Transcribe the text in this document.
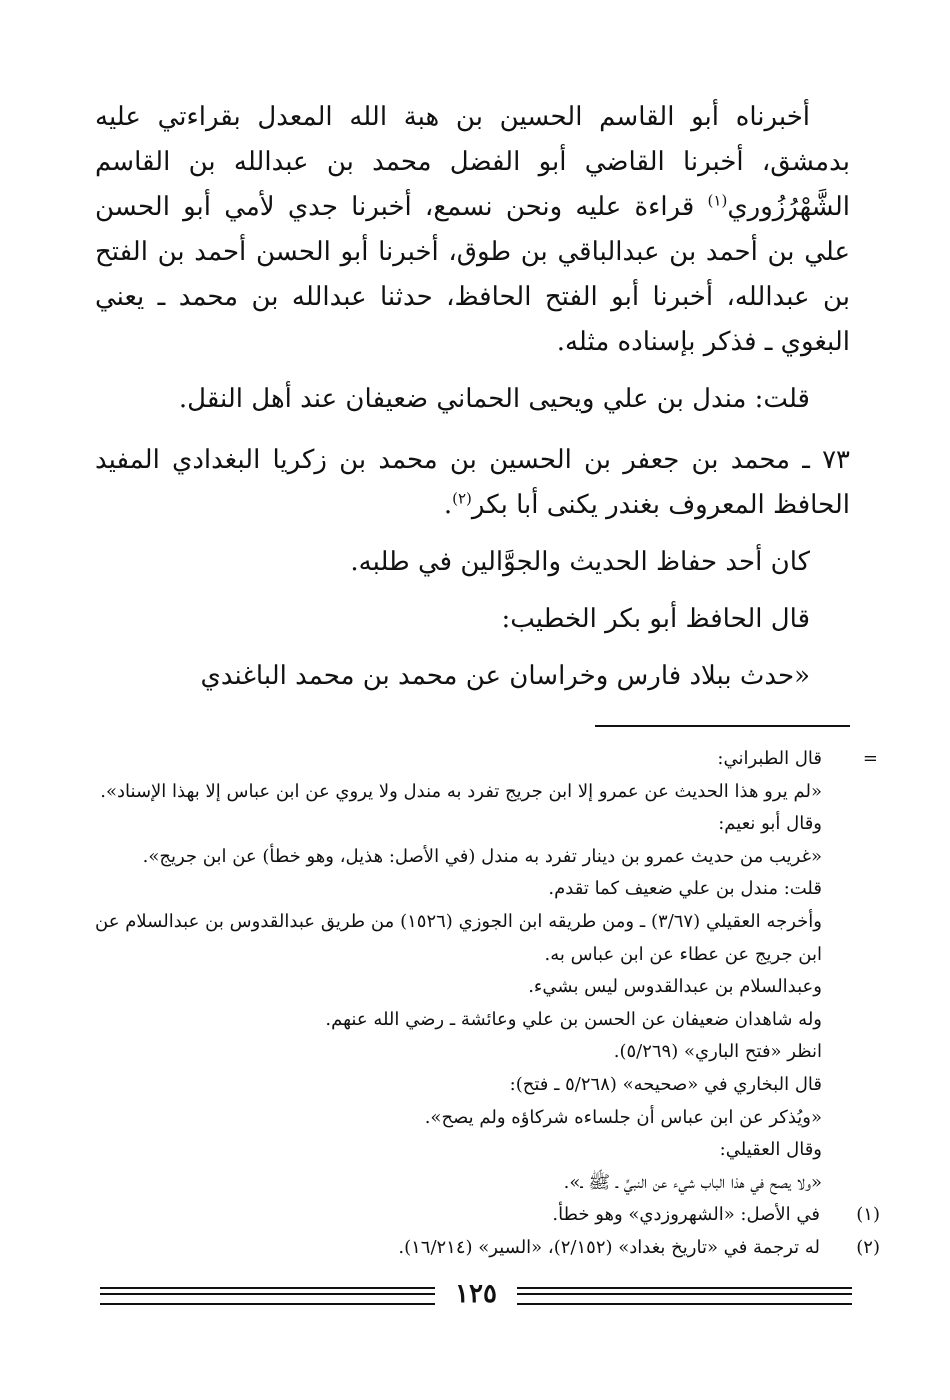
أخبرناه أبو القاسم الحسين بن هبة الله المعدل بقراءتي عليه بدمشق، أخبرنا القاضي أبو الفضل محمد بن عبدالله بن القاسم الشَّهْرُزُوري$^{(١)}$ قراءة عليه ونحن نسمع، أخبرنا جدي لأمي أبو الحسن علي بن أحمد بن عبدالباقي بن طوق، أخبرنا أبو الحسن أحمد بن الفتح بن عبدالله، أخبرنا أبو الفتح الحافظ، حدثنا عبدالله بن محمد ـ يعني البغوي ـ فذكر بإسناده مثله.

قلت: مندل بن علي ويحيى الحماني ضعيفان عند أهل النقل.

٧٣ ـ محمد بن جعفر بن الحسين بن محمد بن زكريا البغدادي المفيد الحافظ المعروف بغندر يكنى أبا بكر$^{(٢)}$.

كان أحد حفاظ الحديث والجوَّالين في طلبه.

قال الحافظ أبو بكر الخطيب:

«حدث ببلاد فارس وخراسان عن محمد بن محمد الباغندي

=قال الطبراني:

«لم يرو هذا الحديث عن عمرو إلا ابن جريج تفرد به مندل ولا يروي عن ابن عباس إلا بهذا الإسناد».

وقال أبو نعيم:

«غريب من حديث عمرو بن دينار تفرد به مندل (في الأصل: هذيل، وهو خطأ) عن ابن جريج».

قلت: مندل بن علي ضعيف كما تقدم.

وأخرجه العقيلي (٣/٦٧) ـ ومن طريقه ابن الجوزي (١٥٢٦) من طريق عبدالقدوس بن عبدالسلام عن ابن جريج عن عطاء عن ابن عباس به.

وعبدالسلام بن عبدالقدوس ليس بشيء.

وله شاهدان ضعيفان عن الحسن بن علي وعائشة ـ رضي الله عنهم.

انظر «فتح الباري» (٥/٢٦٩).

قال البخاري في «صحيحه» (٥/٢٦٨ ـ فتح):

«ويُذكر عن ابن عباس أن جلساءه شركاؤه ولم يصح».

وقال العقيلي:

«ولا يصح في هذا الباب شيء عن النبيِّ ـ ﷺ ـ».

(١)في الأصل: «الشهروزدي» وهو خطأ.

(٢)له ترجمة في «تاريخ بغداد» (٢/١٥٢)، «السير» (١٦/٢١٤).

١٢٥
